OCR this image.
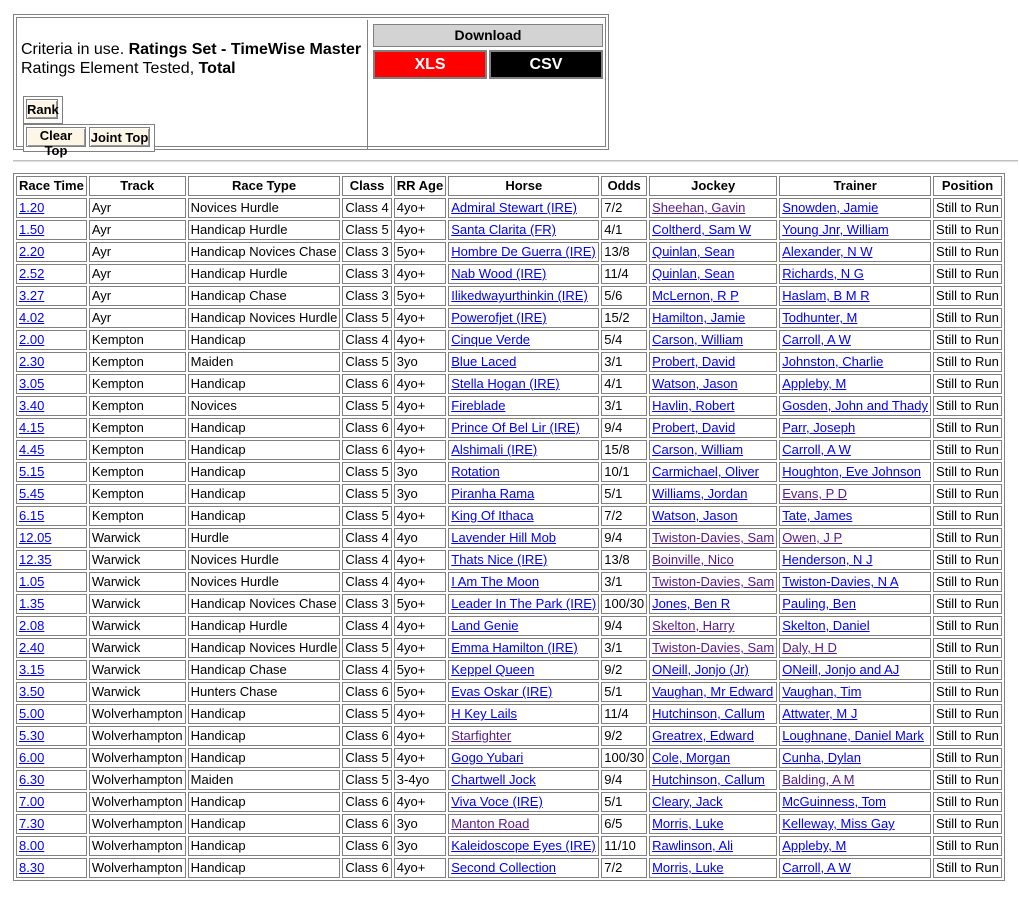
Criteria in use. Ratings Set - TimeWise Master
Ratings Element Tested, Total
Rank
Clear Top
Joint Top
Download
XLS	CSV
Race Time	Track	Race Type	Class	RR Age	Horse	Odds	Jockey	Trainer	Position
1.20	Ayr	Novices Hurdle	Class 4	4yo+	Admiral Stewart (IRE)	7/2	Sheehan, Gavin	Snowden, Jamie	Still to Run
1.50	Ayr	Handicap Hurdle	Class 5	4yo+	Santa Clarita (FR)	4/1	Coltherd, Sam W	Young Jnr, William	Still to Run
2.20	Ayr	Handicap Novices Chase	Class 3	5yo+	Hombre De Guerra (IRE)	13/8	Quinlan, Sean	Alexander, N W	Still to Run
2.52	Ayr	Handicap Hurdle	Class 3	4yo+	Nab Wood (IRE)	11/4	Quinlan, Sean	Richards, N G	Still to Run
3.27	Ayr	Handicap Chase	Class 3	5yo+	Ilikedwayurthinkin (IRE)	5/6	McLernon, R P	Haslam, B M R	Still to Run
4.02	Ayr	Handicap Novices Hurdle	Class 5	4yo+	Powerofjet (IRE)	15/2	Hamilton, Jamie	Todhunter, M	Still to Run
2.00	Kempton	Handicap	Class 4	4yo+	Cinque Verde	5/4	Carson, William	Carroll, A W	Still to Run
2.30	Kempton	Maiden	Class 5	3yo	Blue Laced	3/1	Probert, David	Johnston, Charlie	Still to Run
3.05	Kempton	Handicap	Class 6	4yo+	Stella Hogan (IRE)	4/1	Watson, Jason	Appleby, M	Still to Run
3.40	Kempton	Novices	Class 5	4yo+	Fireblade	3/1	Havlin, Robert	Gosden, John and Thady	Still to Run
4.15	Kempton	Handicap	Class 6	4yo+	Prince Of Bel Lir (IRE)	9/4	Probert, David	Parr, Joseph	Still to Run
4.45	Kempton	Handicap	Class 6	4yo+	Alshimali (IRE)	15/8	Carson, William	Carroll, A W	Still to Run
5.15	Kempton	Handicap	Class 5	3yo	Rotation	10/1	Carmichael, Oliver	Houghton, Eve Johnson	Still to Run
5.45	Kempton	Handicap	Class 5	3yo	Piranha Rama	5/1	Williams, Jordan	Evans, P D	Still to Run
6.15	Kempton	Handicap	Class 5	4yo+	King Of Ithaca	7/2	Watson, Jason	Tate, James	Still to Run
12.05	Warwick	Hurdle	Class 4	4yo	Lavender Hill Mob	9/4	Twiston-Davies, Sam	Owen, J P	Still to Run
12.35	Warwick	Novices Hurdle	Class 4	4yo+	Thats Nice (IRE)	13/8	Boinville, Nico	Henderson, N J	Still to Run
1.05	Warwick	Novices Hurdle	Class 4	4yo+	I Am The Moon	3/1	Twiston-Davies, Sam	Twiston-Davies, N A	Still to Run
1.35	Warwick	Handicap Novices Chase	Class 3	5yo+	Leader In The Park (IRE)	100/30	Jones, Ben R	Pauling, Ben	Still to Run
2.08	Warwick	Handicap Hurdle	Class 4	4yo+	Land Genie	9/4	Skelton, Harry	Skelton, Daniel	Still to Run
2.40	Warwick	Handicap Novices Hurdle	Class 5	4yo+	Emma Hamilton (IRE)	3/1	Twiston-Davies, Sam	Daly, H D	Still to Run
3.15	Warwick	Handicap Chase	Class 4	5yo+	Keppel Queen	9/2	ONeill, Jonjo (Jr)	ONeill, Jonjo and AJ	Still to Run
3.50	Warwick	Hunters Chase	Class 6	5yo+	Evas Oskar (IRE)	5/1	Vaughan, Mr Edward	Vaughan, Tim	Still to Run
5.00	Wolverhampton	Handicap	Class 5	4yo+	H Key Lails	11/4	Hutchinson, Callum	Attwater, M J	Still to Run
5.30	Wolverhampton	Handicap	Class 6	4yo+	Starfighter	9/2	Greatrex, Edward	Loughnane, Daniel Mark	Still to Run
6.00	Wolverhampton	Handicap	Class 5	4yo+	Gogo Yubari	100/30	Cole, Morgan	Cunha, Dylan	Still to Run
6.30	Wolverhampton	Maiden	Class 5	3-4yo	Chartwell Jock	9/4	Hutchinson, Callum	Balding, A M	Still to Run
7.00	Wolverhampton	Handicap	Class 6	4yo+	Viva Voce (IRE)	5/1	Cleary, Jack	McGuinness, Tom	Still to Run
7.30	Wolverhampton	Handicap	Class 6	3yo	Manton Road	6/5	Morris, Luke	Kelleway, Miss Gay	Still to Run
8.00	Wolverhampton	Handicap	Class 6	3yo	Kaleidoscope Eyes (IRE)	11/10	Rawlinson, Ali	Appleby, M	Still to Run
8.30	Wolverhampton	Handicap	Class 6	4yo+	Second Collection	7/2	Morris, Luke	Carroll, A W	Still to Run
